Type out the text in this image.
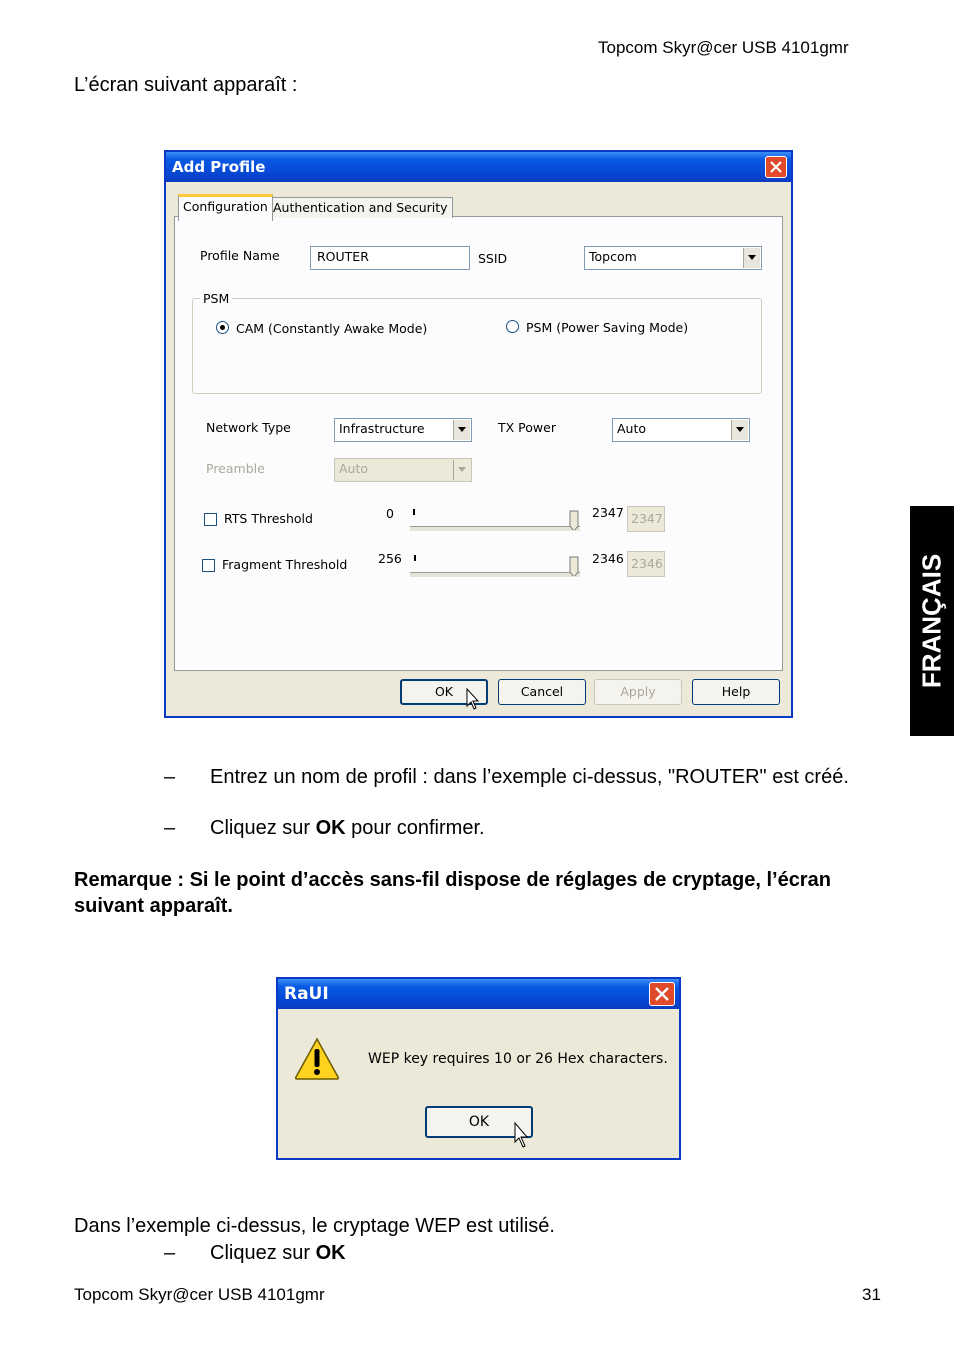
Topcom Skyr@cer USB 4101gmr
L’écran suivant apparaît :
FRANÇAIS
Add Profile
Configuration Authentication and Security
Profile Name	ROUTER	SSID	Topcom
PSM
CAM (Constantly Awake Mode)	PSM (Power Saving Mode)
Network Type	Infrastructure	TX Power	Auto
Preamble	Auto
RTS Threshold	0	2347 2347
Fragment Threshold 256	2346 2346
OK	Cancel	Apply	Help
– Entrez un nom de profil : dans l’exemple ci-dessus, "ROUTER" est créé.
– Cliquez sur OK pour confirmer.
Remarque : Si le point d’accès sans-fil dispose de réglages de cryptage, l’écran suivant apparaît.
RaUI
WEP key requires 10 or 26 Hex characters.
OK
Dans l’exemple ci-dessus, le cryptage WEP est utilisé.
– Cliquez sur OK
Topcom Skyr@cer USB 4101gmr	31
